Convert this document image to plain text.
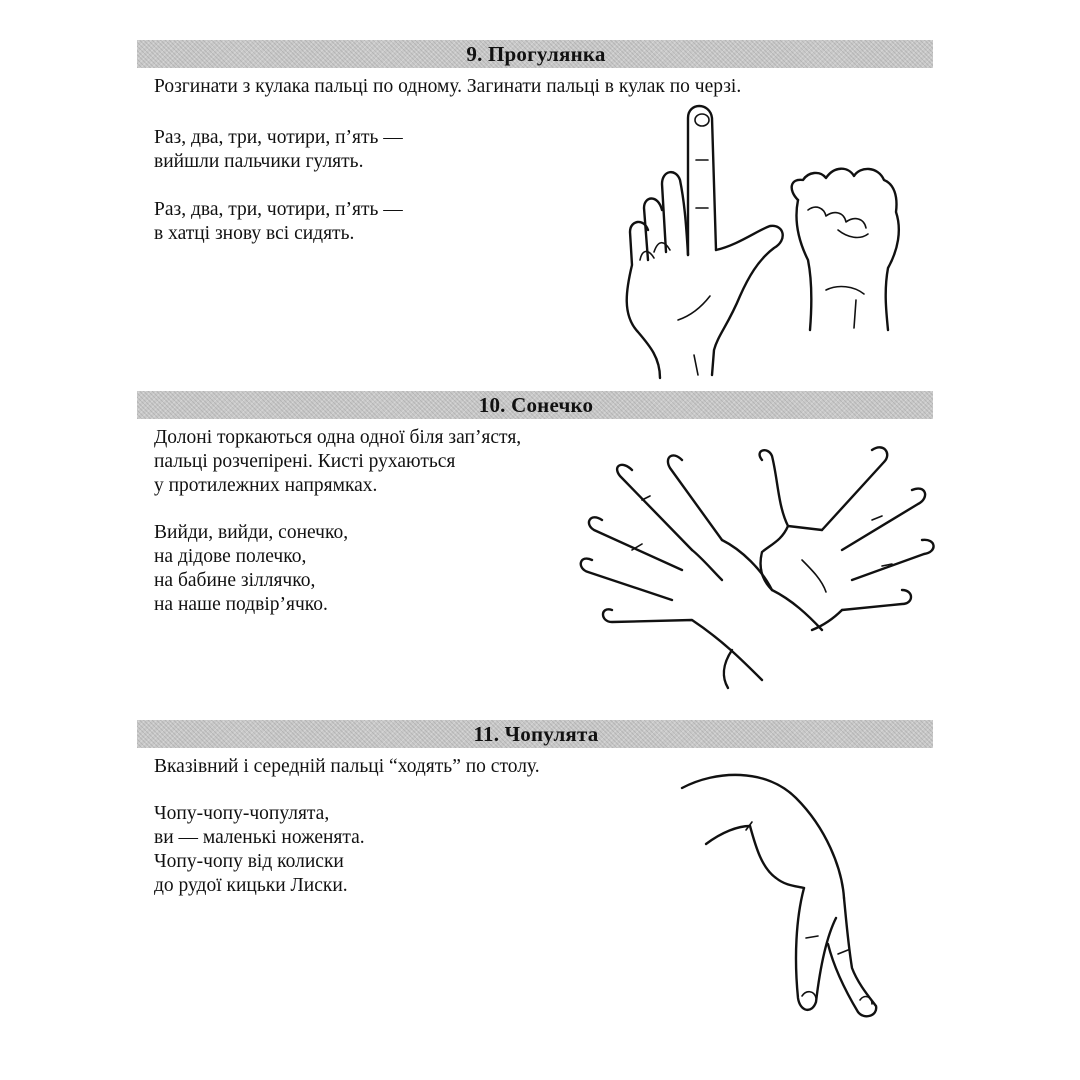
9. Прогулянка
Розгинати з кулака пальці по одному. Загинати пальці в кулак по черзі.
Раз, два, три, чотири, п’ять —
вийшли пальчики гулять.
Раз, два, три, чотири, п’ять —
в хатці знову всі сидять.
10. Сонечко
Долоні торкаються одна одної біля зап’ястя,
пальці розчепірені. Кисті рухаються
у протилежних напрямках.
Вийди, вийди, сонечко,
на дідове полечко,
на бабине зіллячко,
на наше подвір’ячко.
11. Чопулята
Вказівний і середній пальці “ходять” по столу.
Чопу-чопу-чопулята,
ви — маленькі ноженята.
Чопу-чопу від колиски
до рудої кицьки Лиски.
